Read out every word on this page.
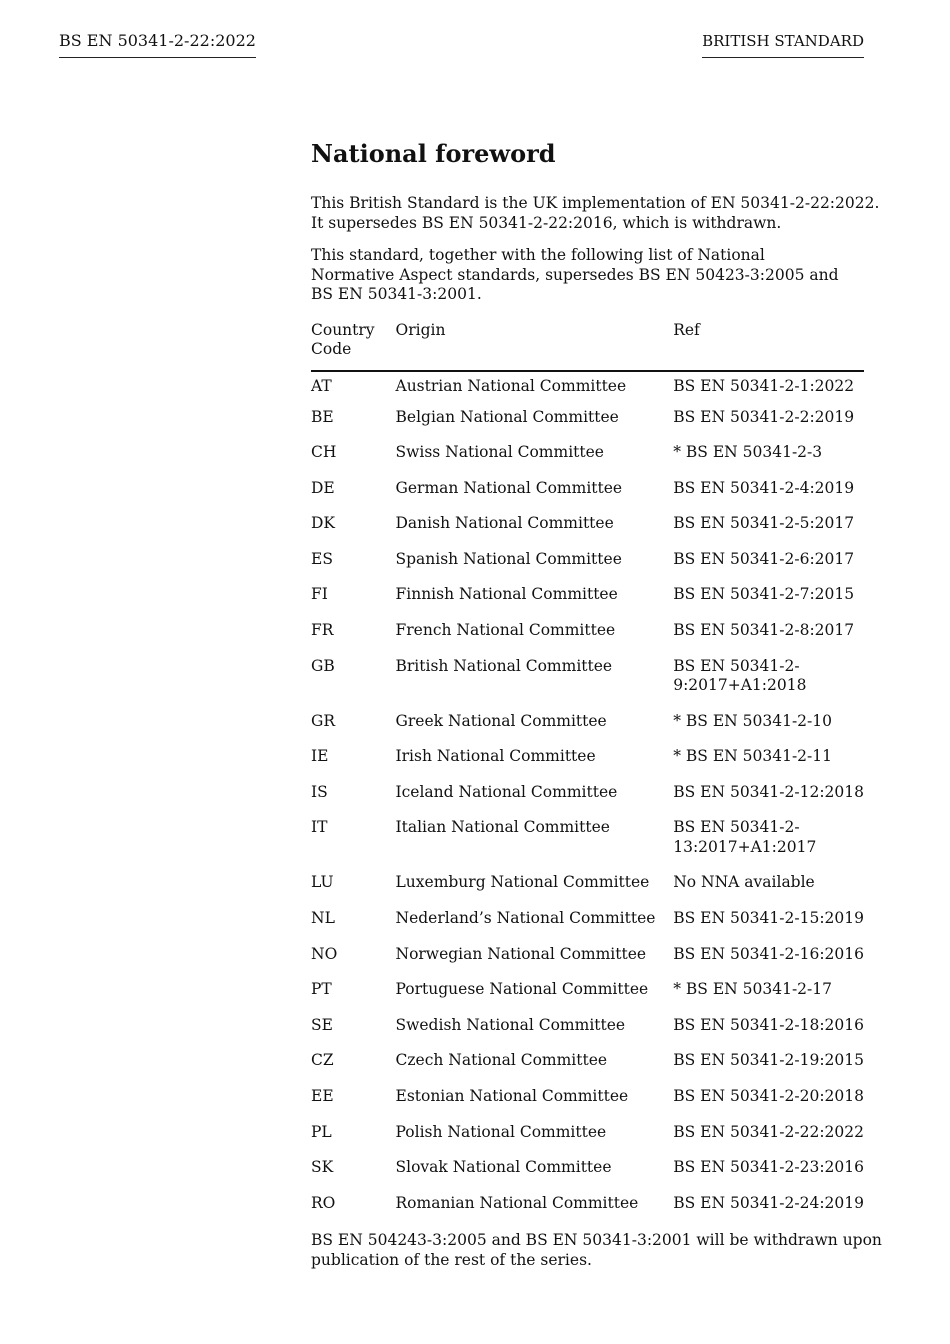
BS EN 50341-2-22:2022	BRITISH STANDARD
National foreword

This British Standard is the UK implementation of EN 50341-2-22:2022.
It supersedes BS EN 50341-2-22:2016, which is withdrawn.

This standard, together with the following list of National
Normative Aspect standards, supersedes BS EN 50423-3:2005 and
BS EN 50341-3:2001.

Country
Code	Origin	Ref
AT	Austrian National Committee	BS EN 50341-2-1:2022

BE	Belgian National Committee	BS EN 50341-2-2:2019

CH	Swiss National Committee	* BS EN 50341-2-3

DE	German National Committee	BS EN 50341-2-4:2019

DK	Danish National Committee	BS EN 50341-2-5:2017

ES	Spanish National Committee	BS EN 50341-2-6:2017

FI	Finnish National Committee	BS EN 50341-2-7:2015

FR	French National Committee	BS EN 50341-2-8:2017

GB	British National Committee	BS EN 50341-2-
9:2017+A1:2018

GR	Greek National Committee	* BS EN 50341-2-10

IE	Irish National Committee	* BS EN 50341-2-11

IS	Iceland National Committee	BS EN 50341-2-12:2018

IT	Italian National Committee	BS EN 50341-2-
13:2017+A1:2017

LU	Luxemburg National Committee	No NNA available

NL	Nederland’s National Committee	BS EN 50341-2-15:2019

NO	Norwegian National Committee	BS EN 50341-2-16:2016

PT	Portuguese National Committee	* BS EN 50341-2-17

SE	Swedish National Committee	BS EN 50341-2-18:2016

CZ	Czech National Committee	BS EN 50341-2-19:2015

EE	Estonian National Committee	BS EN 50341-2-20:2018

PL	Polish National Committee	BS EN 50341-2-22:2022

SK	Slovak National Committee	BS EN 50341-2-23:2016

RO	Romanian National Committee	BS EN 50341-2-24:2019

BS EN 504243-3:2005 and BS EN 50341-3:2001 will be withdrawn upon
publication of the rest of the series.
